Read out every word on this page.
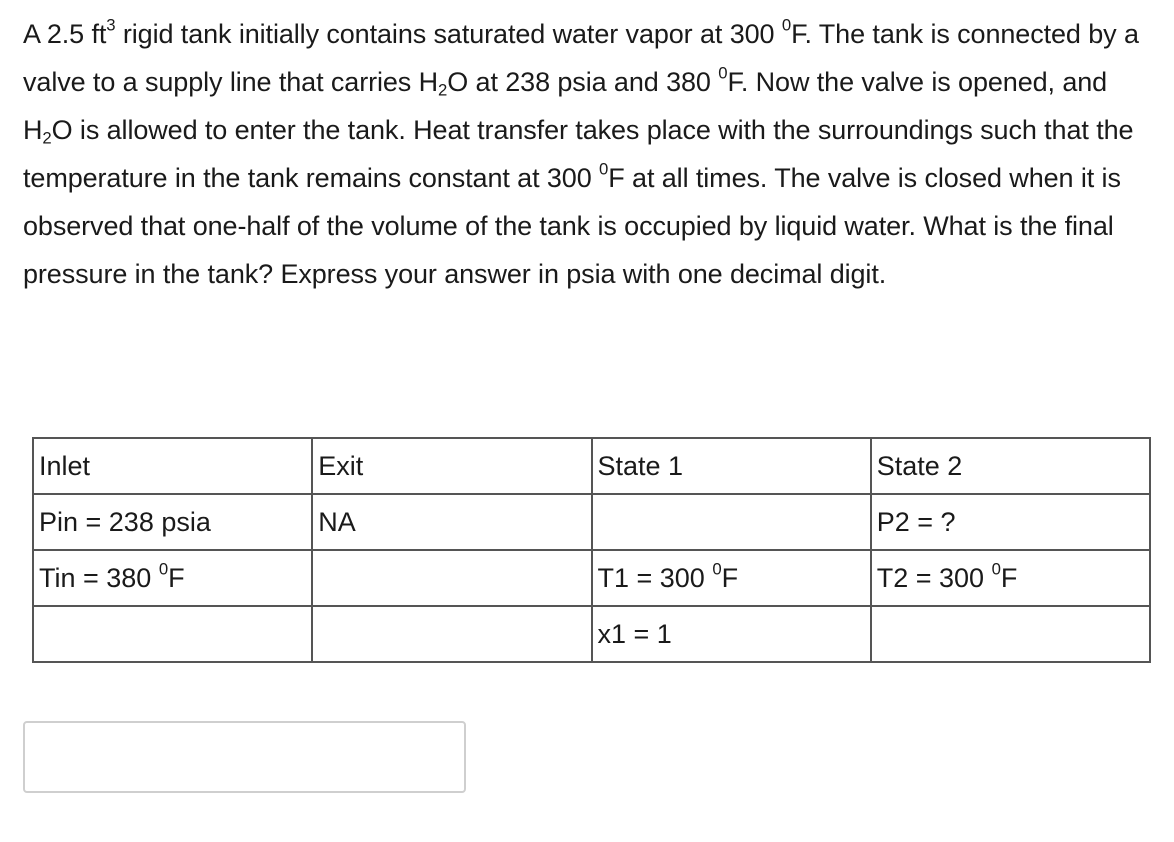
A 2.5 $ft^3$ rigid tank initially contains saturated water vapor at 300 $^0$F. The tank is connected by a valve to a supply line that carries $H_2O$ at 238 psia and 380 $^0$F. Now the valve is opened, and $H_2O$ is allowed to enter the tank. Heat transfer takes place with the surroundings such that the temperature in the tank remains constant at 300 $^0$F at all times. The valve is closed when it is observed that one-half of the volume of the tank is occupied by liquid water. What is the final pressure in the tank? Express your answer in psia with one decimal digit.
Inlet	Exit	State 1	State 2
Pin = 238 psia	NA		P2 = ?
Tin = 380 $^0$F		T1 = 300 $^0$F	T2 = 300 $^0$F
		x1 = 1	
